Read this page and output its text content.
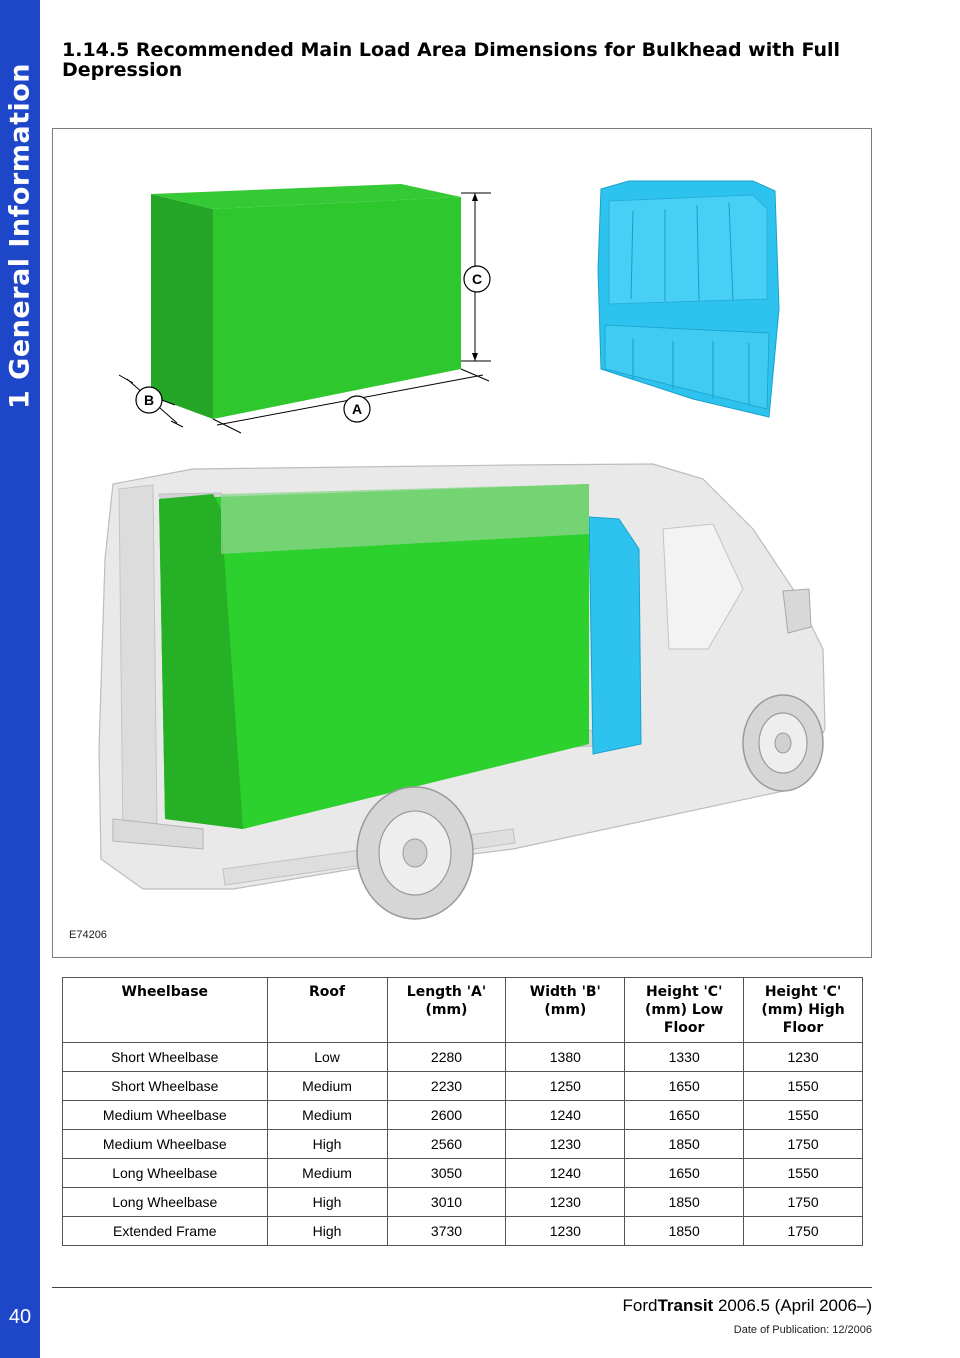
1 General Information
40
1.14.5 Recommended Main Load Area Dimensions for Bulkhead with Full Depression
C
A
B
E74206
Wheelbase	Roof	Length 'A' (mm)	Width 'B' (mm)	Height 'C' (mm) Low Floor	Height 'C' (mm) High Floor
Short Wheelbase	Low	2280	1380	1330	1230
Short Wheelbase	Medium	2230	1250	1650	1550
Medium Wheelbase	Medium	2600	1240	1650	1550
Medium Wheelbase	High	2560	1230	1850	1750
Long Wheelbase	Medium	3050	1240	1650	1550
Long Wheelbase	High	3010	1230	1850	1750
Extended Frame	High	3730	1230	1850	1750
FordTransit 2006.5 (April 2006–)
Date of Publication: 12/2006
